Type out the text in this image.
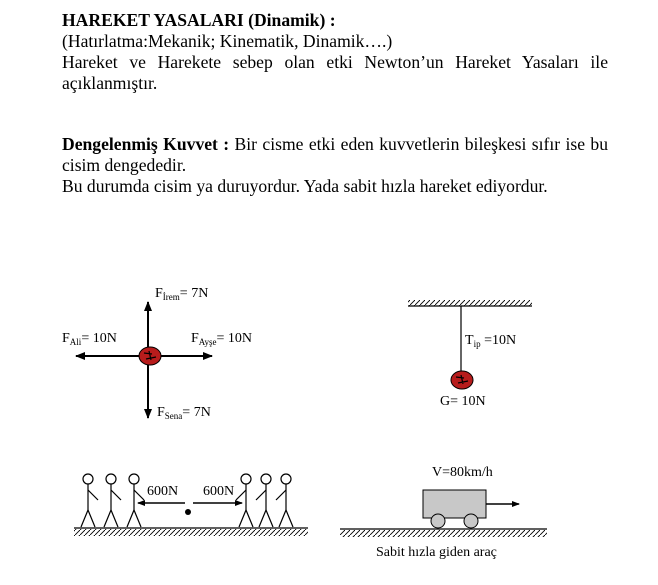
HAREKET YASALARI (Dinamik) :
(Hatırlatma:Mekanik; Kinematik, Dinamik….)
Hareket ve Harekete sebep olan etki Newton’un Hareket Yasaları ile açıklanmıştır.
Dengelenmiş Kuvvet : Bir cisme etki eden kuvvetlerin bileşkesi sıfır ise bu cisim dengededir.
Bu durumda cisim ya duruyordur. Yada sabit hızla hareket ediyordur.
$F_{İrem}= 7N$
$F_{Ali}= 10N$	$F_{Ayşe}= 10N$
$F_{Sena}= 7N$
$T_{ip} =10N$
G= 10N
600N 600N
V=80km/h
Sabit hızla giden araç
